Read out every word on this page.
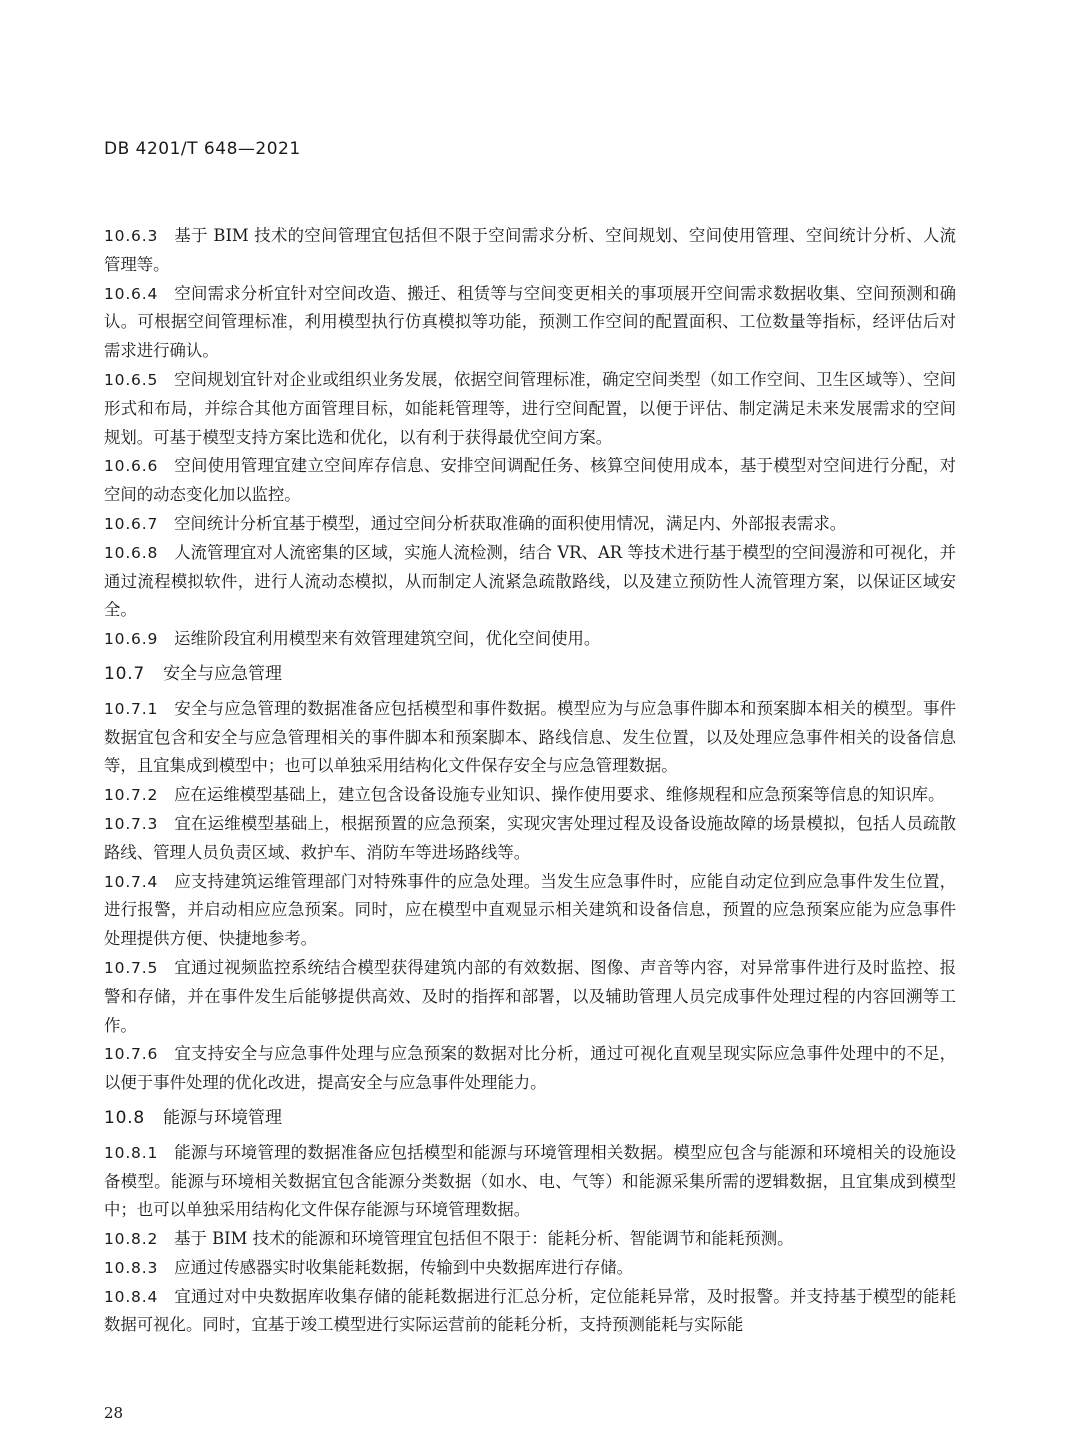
DB 4201/T 648—2021

10.6.3 基于 BIM 技术的空间管理宜包括但不限于空间需求分析、空间规划、空间使用管理、空间统计分析、人流管理等。

10.6.4 空间需求分析宜针对空间改造、搬迁、租赁等与空间变更相关的事项展开空间需求数据收集、空间预测和确认。可根据空间管理标准，利用模型执行仿真模拟等功能，预测工作空间的配置面积、工位数量等指标，经评估后对需求进行确认。

10.6.5 空间规划宜针对企业或组织业务发展，依据空间管理标准，确定空间类型（如工作空间、卫生区域等）、空间形式和布局，并综合其他方面管理目标，如能耗管理等，进行空间配置，以便于评估、制定满足未来发展需求的空间规划。可基于模型支持方案比选和优化，以有利于获得最优空间方案。

10.6.6 空间使用管理宜建立空间库存信息、安排空间调配任务、核算空间使用成本，基于模型对空间进行分配，对空间的动态变化加以监控。

10.6.7 空间统计分析宜基于模型，通过空间分析获取准确的面积使用情况，满足内、外部报表需求。

10.6.8 人流管理宜对人流密集的区域，实施人流检测，结合 VR、AR 等技术进行基于模型的空间漫游和可视化，并通过流程模拟软件，进行人流动态模拟，从而制定人流紧急疏散路线，以及建立预防性人流管理方案，以保证区域安全。

10.6.9 运维阶段宜利用模型来有效管理建筑空间，优化空间使用。

10.7 安全与应急管理

10.7.1 安全与应急管理的数据准备应包括模型和事件数据。模型应为与应急事件脚本和预案脚本相关的模型。事件数据宜包含和安全与应急管理相关的事件脚本和预案脚本、路线信息、发生位置，以及处理应急事件相关的设备信息等，且宜集成到模型中；也可以单独采用结构化文件保存安全与应急管理数据。

10.7.2 应在运维模型基础上，建立包含设备设施专业知识、操作使用要求、维修规程和应急预案等信息的知识库。

10.7.3 宜在运维模型基础上，根据预置的应急预案，实现灾害处理过程及设备设施故障的场景模拟，包括人员疏散路线、管理人员负责区域、救护车、消防车等进场路线等。

10.7.4 应支持建筑运维管理部门对特殊事件的应急处理。当发生应急事件时，应能自动定位到应急事件发生位置，进行报警，并启动相应应急预案。同时，应在模型中直观显示相关建筑和设备信息，预置的应急预案应能为应急事件处理提供方便、快捷地参考。

10.7.5 宜通过视频监控系统结合模型获得建筑内部的有效数据、图像、声音等内容，对异常事件进行及时监控、报警和存储，并在事件发生后能够提供高效、及时的指挥和部署，以及辅助管理人员完成事件处理过程的内容回溯等工作。

10.7.6 宜支持安全与应急事件处理与应急预案的数据对比分析，通过可视化直观呈现实际应急事件处理中的不足，以便于事件处理的优化改进，提高安全与应急事件处理能力。

10.8 能源与环境管理

10.8.1 能源与环境管理的数据准备应包括模型和能源与环境管理相关数据。模型应包含与能源和环境相关的设施设备模型。能源与环境相关数据宜包含能源分类数据（如水、电、气等）和能源采集所需的逻辑数据，且宜集成到模型中；也可以单独采用结构化文件保存能源与环境管理数据。

10.8.2 基于 BIM 技术的能源和环境管理宜包括但不限于：能耗分析、智能调节和能耗预测。

10.8.3 应通过传感器实时收集能耗数据，传输到中央数据库进行存储。

10.8.4 宜通过对中央数据库收集存储的能耗数据进行汇总分析，定位能耗异常，及时报警。并支持基于模型的能耗数据可视化。同时，宜基于竣工模型进行实际运营前的能耗分析，支持预测能耗与实际能

28
